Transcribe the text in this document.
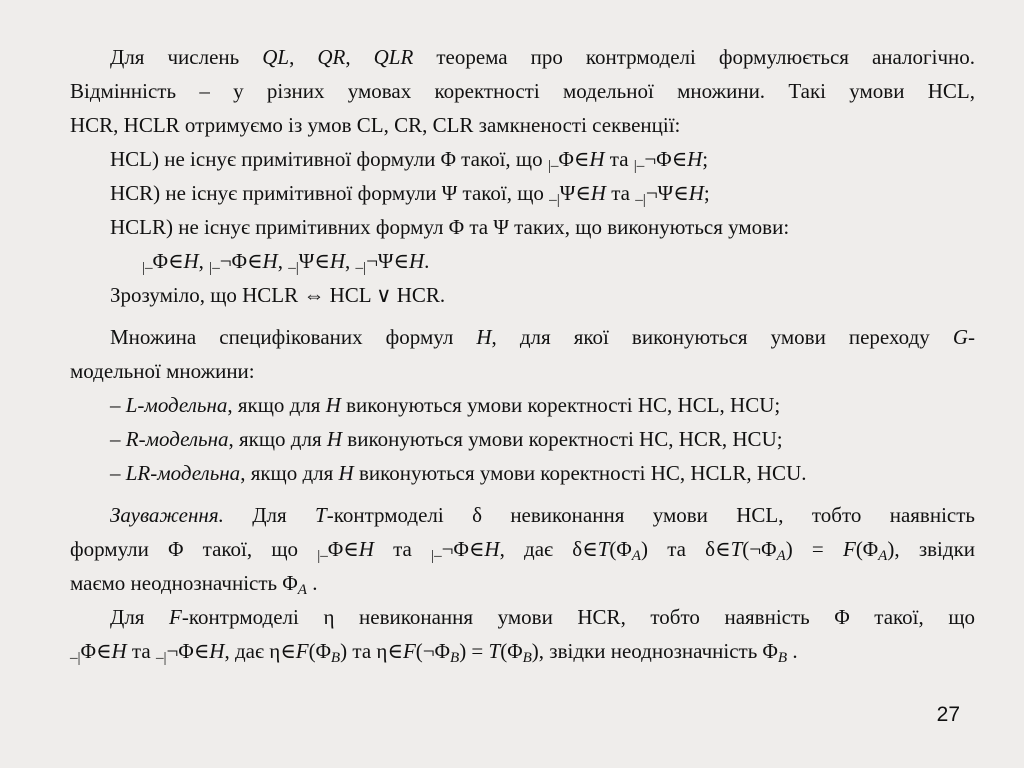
Для числень QL, QR, QLR теорема про контрмоделі формулюється аналогічно.

Відмінність – у різних умовах коректності модельної множини. Такі умови HCL,

HCR, HCLR отримуємо із умов CL, CR, CLR замкненості секвенції:

HCL) не існує примітивної формули Φ такої, що $_{|-}$Φ∈H та $_{|-}$¬Φ∈H;

HCR) не існує примітивної формули Ψ такої, що $_{-|}$Ψ∈H та $_{-|}$¬Ψ∈H;

HCLR) не існує примітивних формул Φ та Ψ таких, що виконуються умови:

$_{|-}$Φ∈H, $_{|-}$¬Φ∈H, $_{-|}$Ψ∈H, $_{-|}$¬Ψ∈H.

Зрозуміло, що HCLR ⇔ HCL ∨ HCR.

Множина специфікованих формул H, для якої виконуються умови переходу G-

модельної множини:

– L-модельна, якщо для H виконуються умови коректності HC, HCL, HCU;

– R-модельна, якщо для H виконуються умови коректності HC, HCR, HCU;

– LR-модельна, якщо для H виконуються умови коректності HC, HCLR, HCU.

Зауваження. Для T-контрмоделі δ невиконання умови HCL, тобто наявність

формули Φ такої, що $_{|-}$Φ∈H та $_{|-}$¬Φ∈H, дає $\delta\in T(\Phi_A)$ та $\delta\in T(\neg\Phi_A) = F(\Phi_A)$, звідки

маємо неоднозначність $\Phi_A$ .

Для F-контрмоделі η невиконання умови HCR, тобто наявність Φ такої, що

$_{-|}$Φ∈H та $_{-|}$¬Φ∈H, дає $\eta\in F(\Phi_B)$ та $\eta\in F(\neg\Phi_B) = T(\Phi_B)$, звідки неоднозначність $\Phi_B$ .

27
